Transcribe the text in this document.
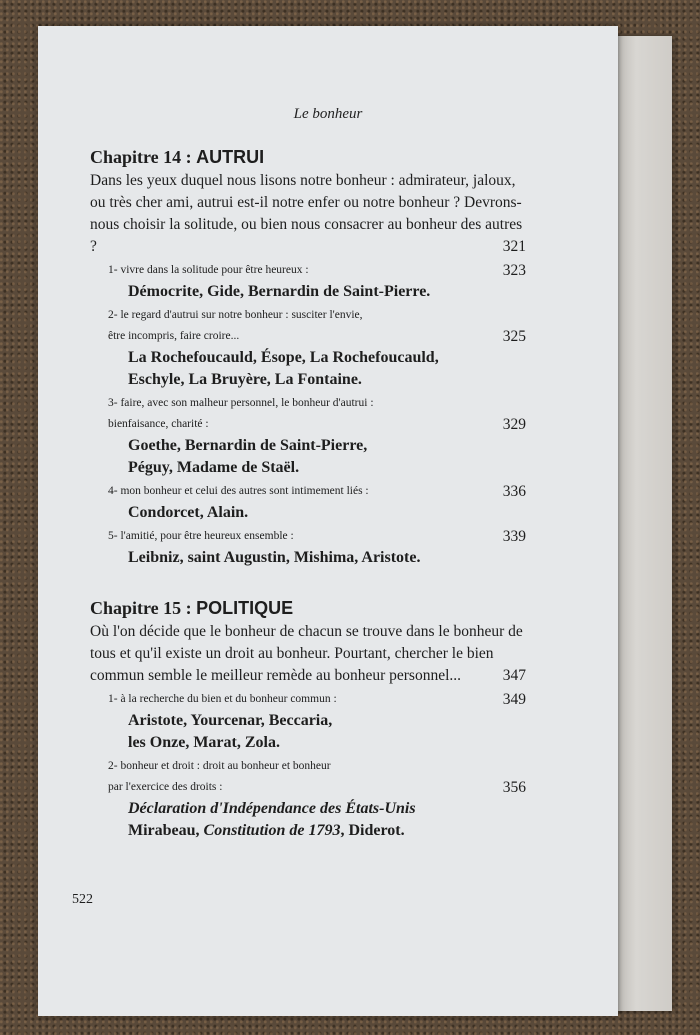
Le bonheur
Chapitre 14 : AUTRUI

Dans les yeux duquel nous lisons notre bonheur : admirateur, jaloux, ou très cher ami, autrui est-il notre enfer ou notre bonheur ? Devrons-nous choisir la solitude, ou bien nous consacrer au bonheur des autres ?	321

1- vivre dans la solitude pour être heureux :	323
Démocrite, Gide, Bernardin de Saint-Pierre.
2- le regard d'autrui sur notre bonheur : susciter l'envie,
être incompris, faire croire...	325
La Rochefoucauld, Ésope, La Rochefoucauld,
Eschyle, La Bruyère, La Fontaine.
3- faire, avec son malheur personnel, le bonheur d'autrui :
bienfaisance, charité :	329
Goethe, Bernardin de Saint-Pierre,
Péguy, Madame de Staël.
4- mon bonheur et celui des autres sont intimement liés :	336
Condorcet, Alain.
5- l'amitié, pour être heureux ensemble :	339
Leibniz, saint Augustin, Mishima, Aristote.
Chapitre 15 : POLITIQUE

Où l'on décide que le bonheur de chacun se trouve dans le bonheur de tous et qu'il existe un droit au bonheur. Pourtant, chercher le bien commun semble le meilleur remède au bonheur personnel...	347

1- à la recherche du bien et du bonheur commun :	349
Aristote, Yourcenar, Beccaria,
les Onze, Marat, Zola.
2- bonheur et droit : droit au bonheur et bonheur
par l'exercice des droits :	356
Déclaration d'Indépendance des États-Unis
Mirabeau, Constitution de 1793, Diderot.
522
